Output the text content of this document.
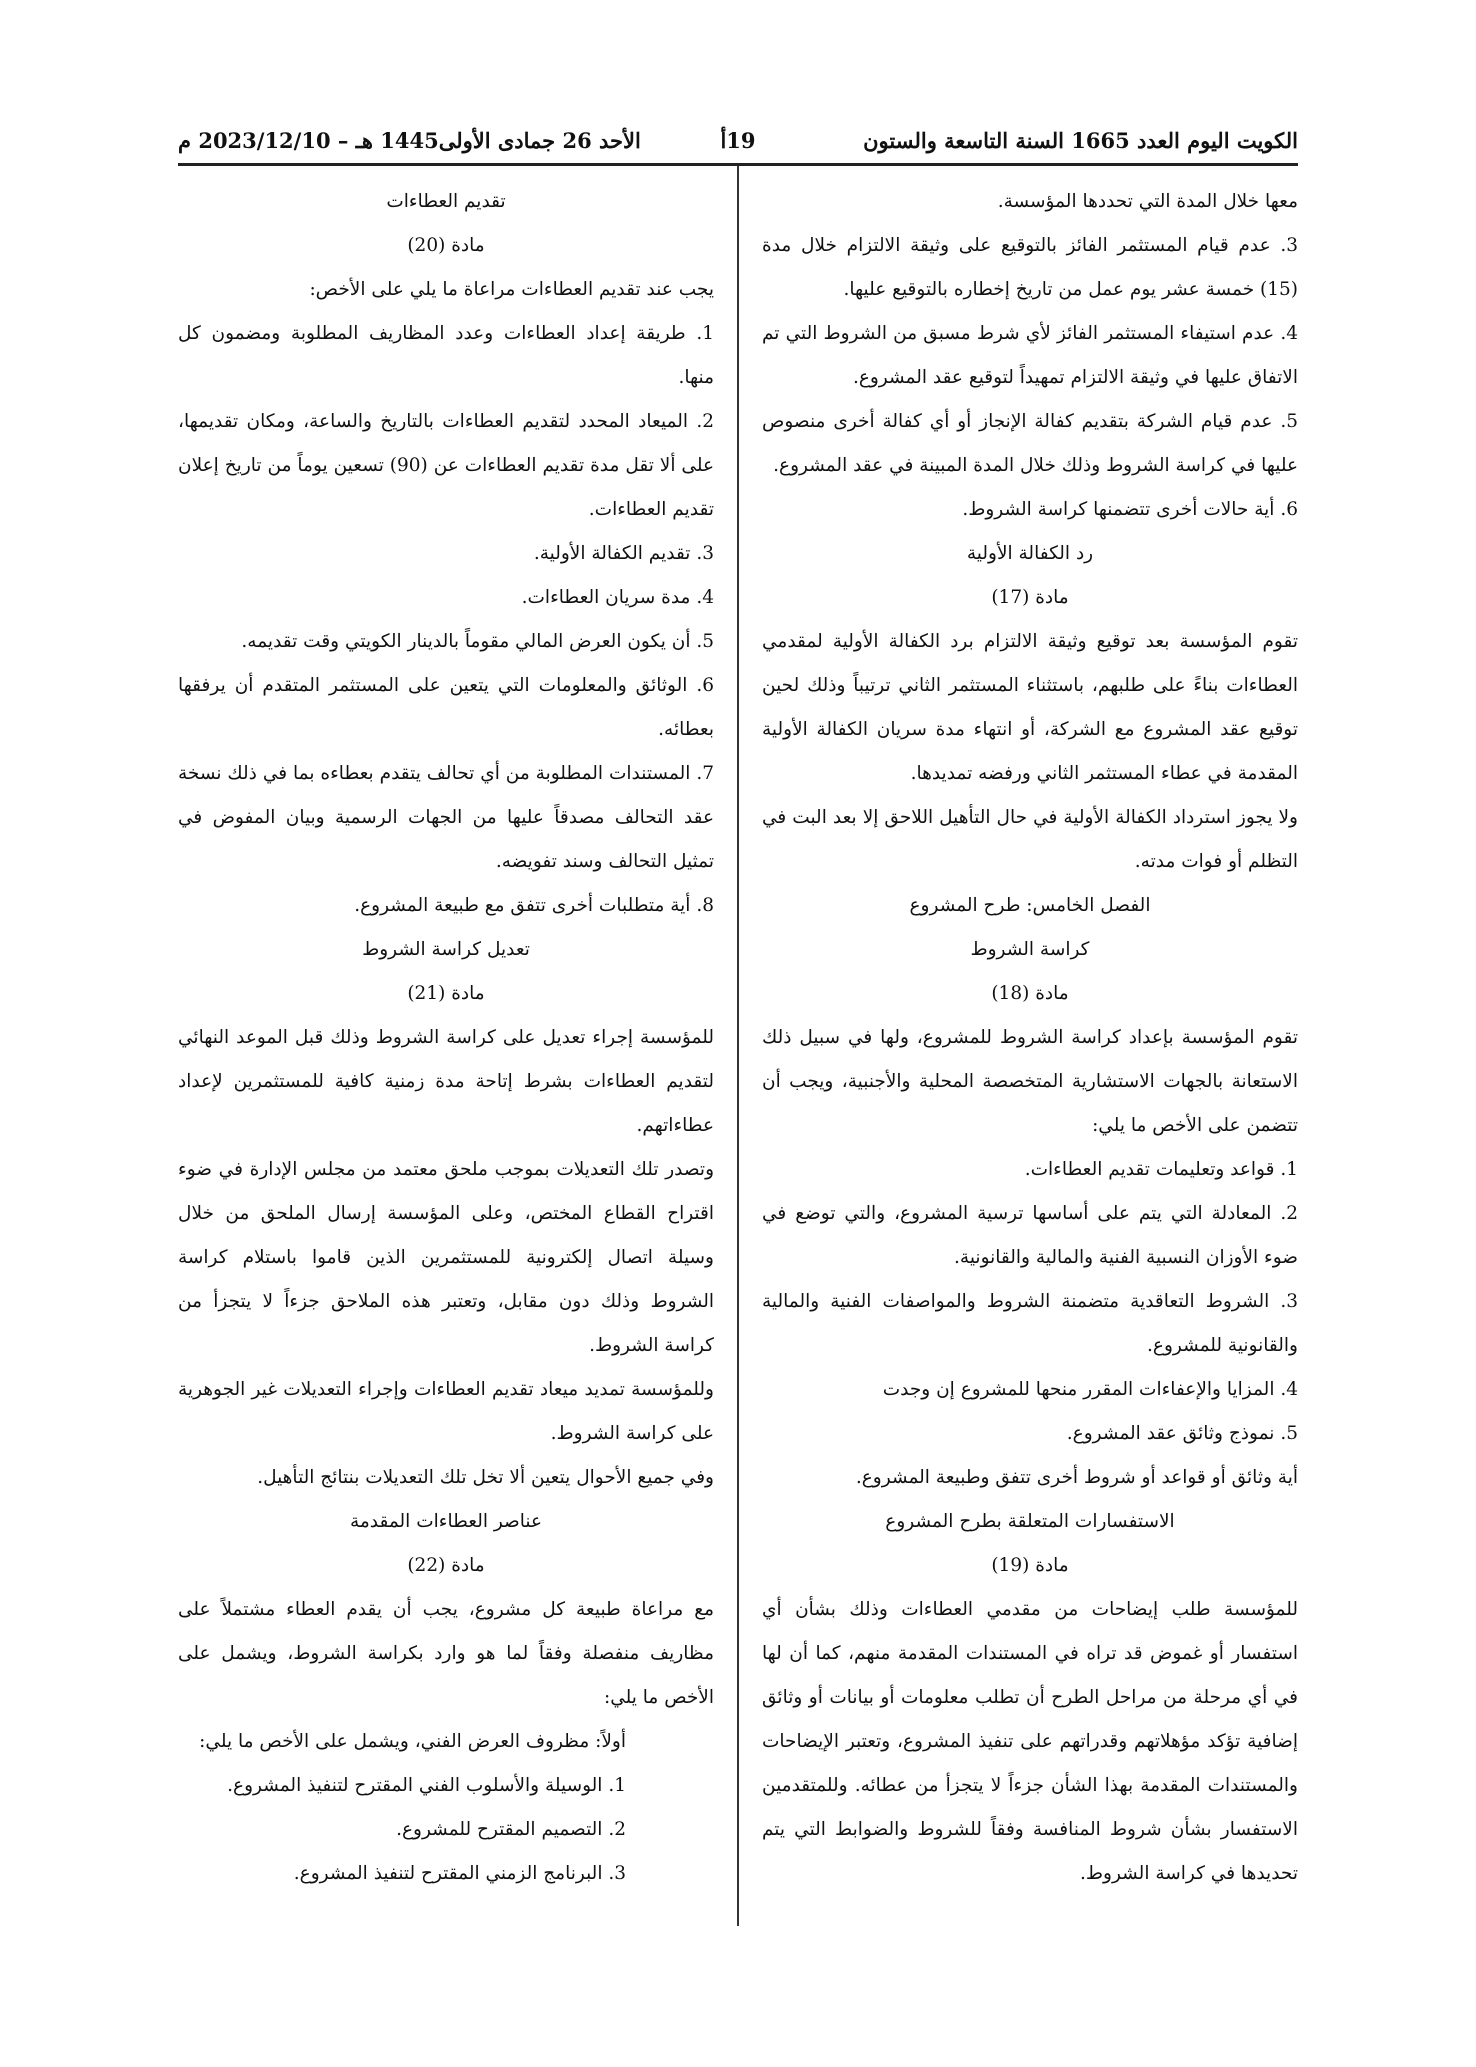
الكويت اليوم العدد 1665 السنة التاسعة والستون
19أ
الأحد 26 جمادى الأولى1445 هـ – 2023/12/10 م

معها خلال المدة التي تحددها المؤسسة.

3. عدم قيام المستثمر الفائز بالتوقيع على وثيقة الالتزام خلال مدة (15) خمسة عشر يوم عمل من تاريخ إخطاره بالتوقيع عليها.

4. عدم استيفاء المستثمر الفائز لأي شرط مسبق من الشروط التي تم الاتفاق عليها في وثيقة الالتزام تمهيداً لتوقيع عقد المشروع.

5. عدم قيام الشركة بتقديم كفالة الإنجاز أو أي كفالة أخرى منصوص عليها في كراسة الشروط وذلك خلال المدة المبينة في عقد المشروع.

6. أية حالات أخرى تتضمنها كراسة الشروط.

رد الكفالة الأولية

مادة (17)

تقوم المؤسسة بعد توقيع وثيقة الالتزام برد الكفالة الأولية لمقدمي العطاءات بناءً على طلبهم، باستثناء المستثمر الثاني ترتيباً وذلك لحين توقيع عقد المشروع مع الشركة، أو انتهاء مدة سريان الكفالة الأولية المقدمة في عطاء المستثمر الثاني ورفضه تمديدها.

ولا يجوز استرداد الكفالة الأولية في حال التأهيل اللاحق إلا بعد البت في التظلم أو فوات مدته.

الفصل الخامس: طرح المشروع

كراسة الشروط

مادة (18)

تقوم المؤسسة بإعداد كراسة الشروط للمشروع، ولها في سبيل ذلك الاستعانة بالجهات الاستشارية المتخصصة المحلية والأجنبية، ويجب أن تتضمن على الأخص ما يلي:

1. قواعد وتعليمات تقديم العطاءات.

2. المعادلة التي يتم على أساسها ترسية المشروع، والتي توضع في ضوء الأوزان النسبية الفنية والمالية والقانونية.

3. الشروط التعاقدية متضمنة الشروط والمواصفات الفنية والمالية والقانونية للمشروع.

4. المزايا والإعفاءات المقرر منحها للمشروع إن وجدت

5. نموذج وثائق عقد المشروع.

أية وثائق أو قواعد أو شروط أخرى تتفق وطبيعة المشروع.

الاستفسارات المتعلقة بطرح المشروع

مادة (19)

للمؤسسة طلب إيضاحات من مقدمي العطاءات وذلك بشأن أي استفسار أو غموض قد تراه في المستندات المقدمة منهم، كما أن لها في أي مرحلة من مراحل الطرح أن تطلب معلومات أو بيانات أو وثائق إضافية تؤكد مؤهلاتهم وقدراتهم على تنفيذ المشروع، وتعتبر الإيضاحات والمستندات المقدمة بهذا الشأن جزءاً لا يتجزأ من عطائه. وللمتقدمين الاستفسار بشأن شروط المنافسة وفقاً للشروط والضوابط التي يتم تحديدها في كراسة الشروط.

تقديم العطاءات

مادة (20)

يجب عند تقديم العطاءات مراعاة ما يلي على الأخص:

1. طريقة إعداد العطاءات وعدد المظاريف المطلوبة ومضمون كل منها.

2. الميعاد المحدد لتقديم العطاءات بالتاريخ والساعة، ومكان تقديمها، على ألا تقل مدة تقديم العطاءات عن (90) تسعين يوماً من تاريخ إعلان تقديم العطاءات.

3. تقديم الكفالة الأولية.

4. مدة سريان العطاءات.

5. أن يكون العرض المالي مقوماً بالدينار الكويتي وقت تقديمه.

6. الوثائق والمعلومات التي يتعين على المستثمر المتقدم أن يرفقها بعطائه.

7. المستندات المطلوبة من أي تحالف يتقدم بعطاءه بما في ذلك نسخة عقد التحالف مصدقاً عليها من الجهات الرسمية وبيان المفوض في تمثيل التحالف وسند تفويضه.

8. أية متطلبات أخرى تتفق مع طبيعة المشروع.

تعديل كراسة الشروط

مادة (21)

للمؤسسة إجراء تعديل على كراسة الشروط وذلك قبل الموعد النهائي لتقديم العطاءات بشرط إتاحة مدة زمنية كافية للمستثمرين لإعداد عطاءاتهم.

وتصدر تلك التعديلات بموجب ملحق معتمد من مجلس الإدارة في ضوء اقتراح القطاع المختص، وعلى المؤسسة إرسال الملحق من خلال وسيلة اتصال إلكترونية للمستثمرين الذين قاموا باستلام كراسة الشروط وذلك دون مقابل، وتعتبر هذه الملاحق جزءاً لا يتجزأ من كراسة الشروط.

وللمؤسسة تمديد ميعاد تقديم العطاءات وإجراء التعديلات غير الجوهرية على كراسة الشروط.

وفي جميع الأحوال يتعين ألا تخل تلك التعديلات بنتائج التأهيل.

عناصر العطاءات المقدمة

مادة (22)

مع مراعاة طبيعة كل مشروع، يجب أن يقدم العطاء مشتملاً على مظاريف منفصلة وفقاً لما هو وارد بكراسة الشروط، ويشمل على الأخص ما يلي:

أولاً: مظروف العرض الفني، ويشمل على الأخص ما يلي:

1. الوسيلة والأسلوب الفني المقترح لتنفيذ المشروع.

2. التصميم المقترح للمشروع.

3. البرنامج الزمني المقترح لتنفيذ المشروع.
